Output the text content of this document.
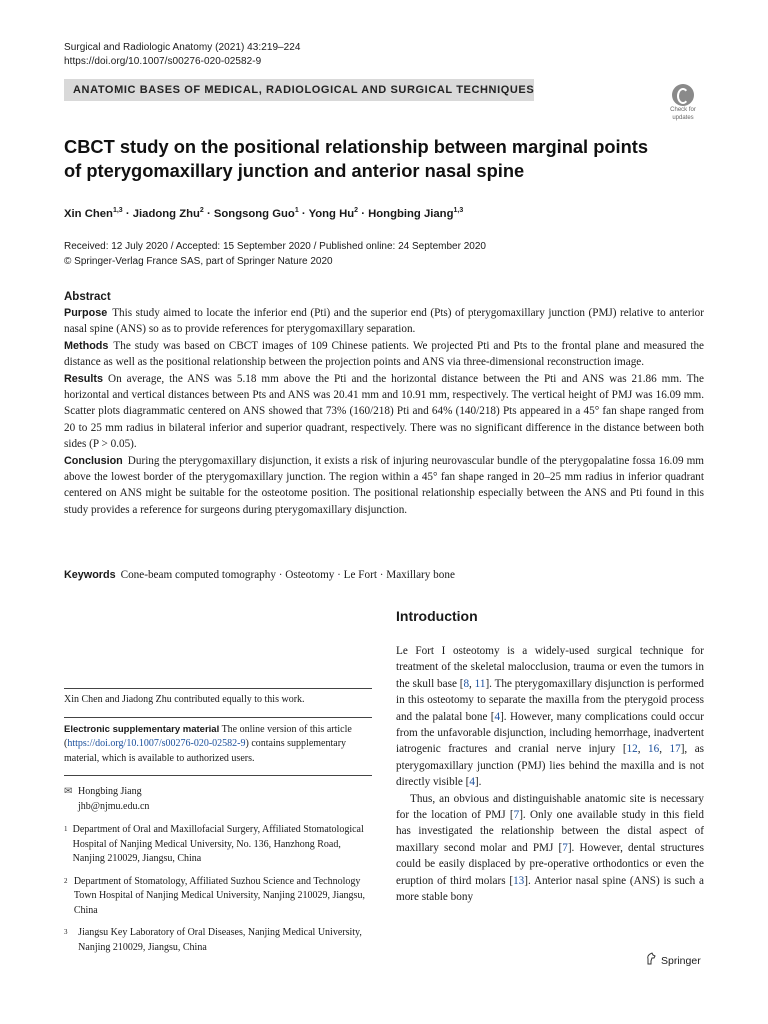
Surgical and Radiologic Anatomy (2021) 43:219–224
https://doi.org/10.1007/s00276-020-02582-9
ANATOMIC BASES OF MEDICAL, RADIOLOGICAL AND SURGICAL TECHNIQUES
Check for
updates
CBCT study on the positional relationship between marginal points
of pterygomaxillary junction and anterior nasal spine
Xin Chen$^{1,3}$ · Jiadong Zhu$^2$ · Songsong Guo$^1$ · Yong $Hu^2$ · Hongbing Jiang$^{1,3}$
Received: 12 July 2020 / Accepted: 15 September 2020 / Published online: 24 September 2020
© Springer-Verlag France SAS, part of Springer Nature 2020
Abstract

Purpose This study aimed to locate the inferior end (Pti) and the superior end (Pts) of pterygomaxillary junction (PMJ) relative to anterior nasal spine (ANS) so as to provide references for pterygomaxillary separation.

Methods The study was based on CBCT images of 109 Chinese patients. We projected Pti and Pts to the frontal plane and measured the distance as well as the positional relationship between the projection points and ANS via three-dimensional reconstruction image.

Results On average, the ANS was 5.18 mm above the Pti and the horizontal distance between the Pti and ANS was 21.86 mm. The horizontal and vertical distances between Pts and ANS was 20.41 mm and 10.91 mm, respectively. The vertical height of PMJ was 16.09 mm. Scatter plots diagrammatic centered on ANS showed that 73% (160/218) Pti and 64% (140/218) Pts appeared in a 45° fan shape ranged from 20 to 25 mm radius in bilateral inferior and superior quadrant, respectively. There was no significant difference in the distance between both sides (P > 0.05).

Conclusion During the pterygomaxillary disjunction, it exists a risk of injuring neurovascular bundle of the pterygopalatine fossa 16.09 mm above the lowest border of the pterygomaxillary junction. The region within a 45° fan shape ranged in 20–25 mm radius in inferior quadrant centered on ANS might be suitable for the osteotome position. The positional relationship especially between the ANS and Pti found in this study provides a reference for surgeons during pterygomaxillary disjunction.

Keywords Cone-beam computed tomography · Osteotomy · Le Fort · Maxillary bone
Xin Chen and Jiadong Zhu contributed equally to this work.
Electronic supplementary material The online version of this article (https://doi.org/10.1007/s00276-020-02582-9) contains supplementary material, which is available to authorized users.
✉ Hongbing Jiang
jhb@njmu.edu.cn
1 Department of Oral and Maxillofacial Surgery, Affiliated Stomatological Hospital of Nanjing Medical University, No. 136, Hanzhong Road, Nanjing 210029, Jiangsu, China
2 Department of Stomatology, Affiliated Suzhou Science and Technology Town Hospital of Nanjing Medical University, Nanjing 210029, Jiangsu, China
3	Jiangsu Key Laboratory of Oral Diseases, Nanjing Medical University, Nanjing 210029, Jiangsu, China
Introduction

Le Fort I osteotomy is a widely-used surgical technique for treatment of the skeletal malocclusion, trauma or even the tumors in the skull base [8, 11]. The pterygomaxillary disjunction is performed in this osteotomy to separate the maxilla from the pterygoid process and the palatal bone [4]. However, many complications could occur from the unfavorable disjunction, including hemorrhage, inadvertent iatrogenic fractures and cranial nerve injury [12, 16, 17], as pterygomaxillary junction (PMJ) lies behind the maxilla and is not directly visible [4].

Thus, an obvious and distinguishable anatomic site is necessary for the location of PMJ [7]. Only one available study in this field has investigated the relationship between the distal aspect of maxillary second molar and PMJ [7]. However, dental structures could be easily displaced by pre-operative orthodontics or even the eruption of third molars [13]. Anterior nasal spine (ANS) is such a more stable bony

Springer
